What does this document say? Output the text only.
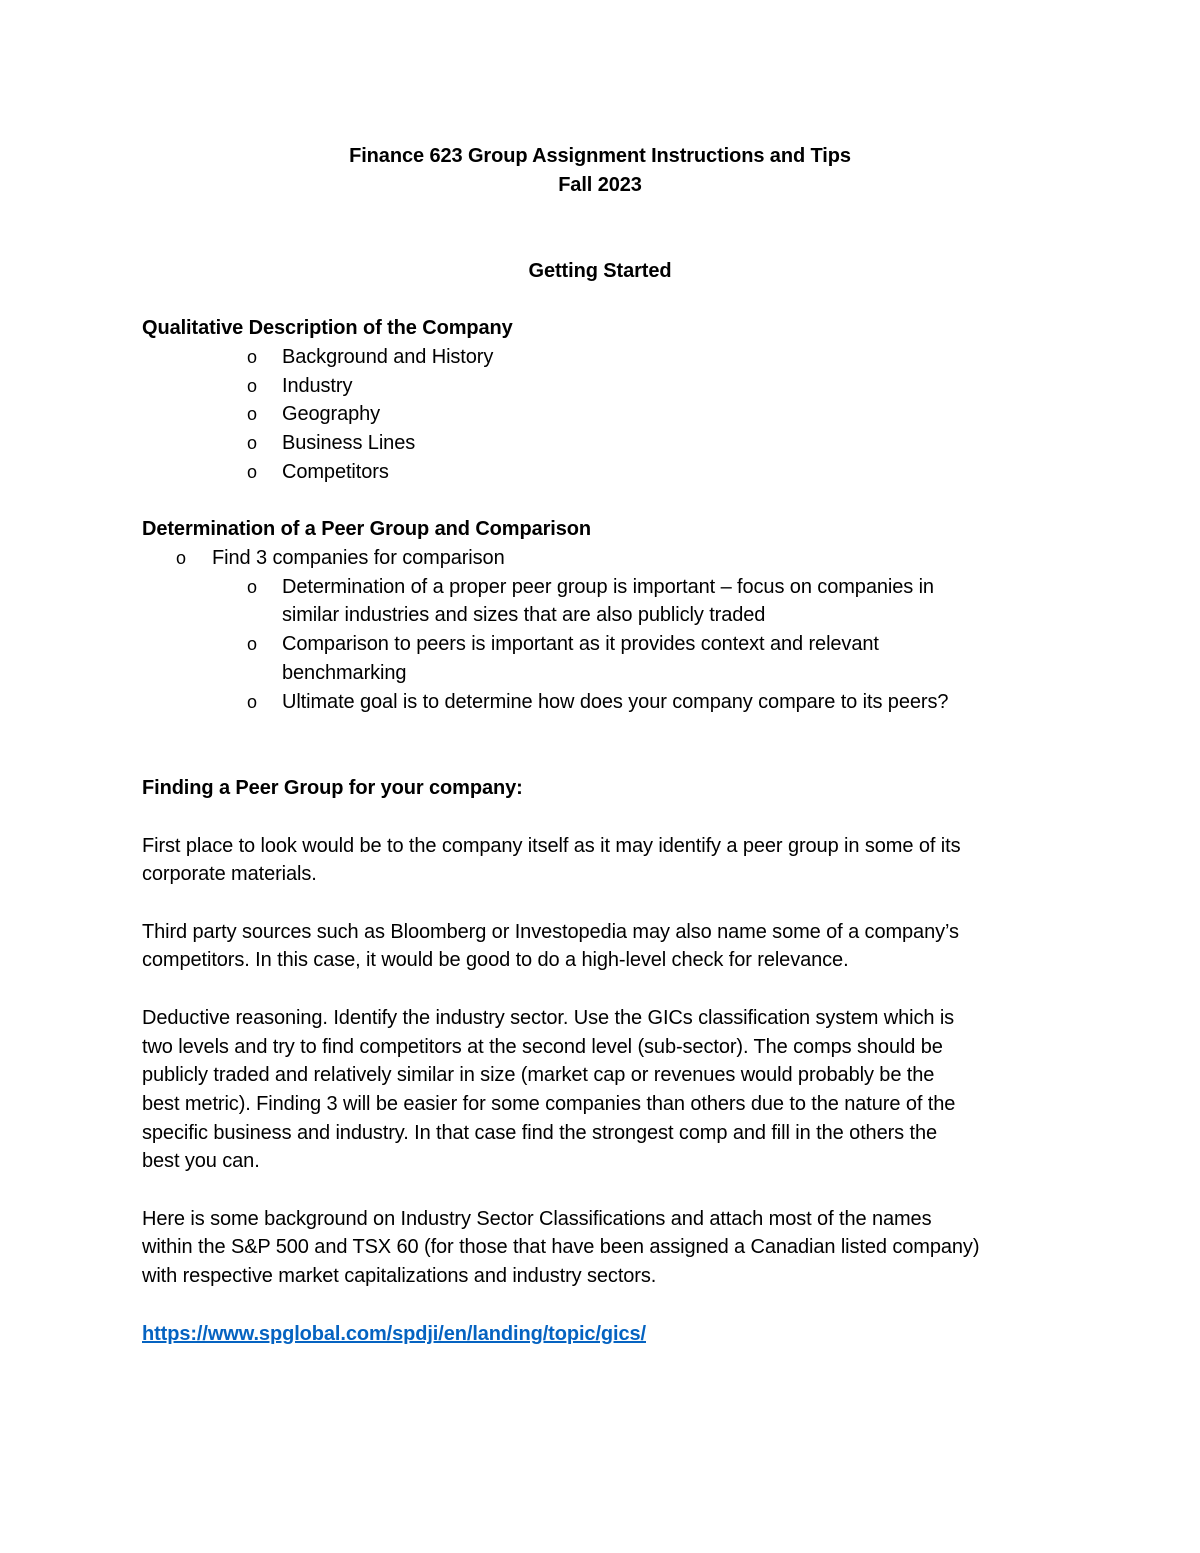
Finance 623 Group Assignment Instructions and Tips
Fall 2023
Getting Started
Qualitative Description of the Company
o Background and History
o Industry
o Geography
o Business Lines
o Competitors
Determination of a Peer Group and Comparison
o Find 3 companies for comparison
o Determination of a proper peer group is important – focus on companies in
similar industries and sizes that are also publicly traded
o Comparison to peers is important as it provides context and relevant
benchmarking
o Ultimate goal is to determine how does your company compare to its peers?
Finding a Peer Group for your company:
First place to look would be to the company itself as it may identify a peer group in some of its
corporate materials.
Third party sources such as Bloomberg or Investopedia may also name some of a company’s
competitors. In this case, it would be good to do a high-level check for relevance.
Deductive reasoning. Identify the industry sector. Use the GICs classification system which is
two levels and try to find competitors at the second level (sub-sector). The comps should be
publicly traded and relatively similar in size (market cap or revenues would probably be the
best metric). Finding 3 will be easier for some companies than others due to the nature of the
specific business and industry. In that case find the strongest comp and fill in the others the
best you can.
Here is some background on Industry Sector Classifications and attach most of the names
within the S&P 500 and TSX 60 (for those that have been assigned a Canadian listed company)
with respective market capitalizations and industry sectors.
https://www.spglobal.com/spdji/en/landing/topic/gics/
